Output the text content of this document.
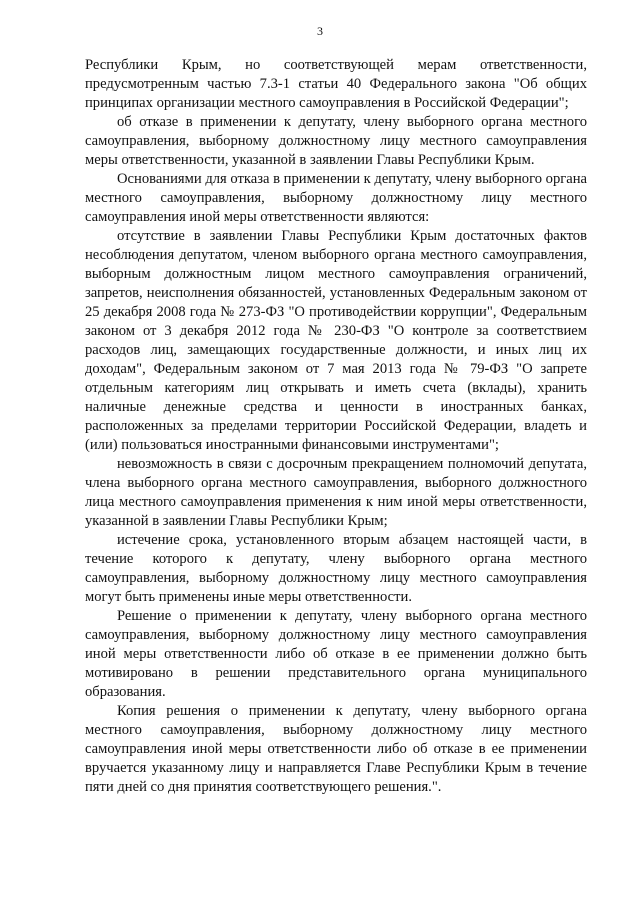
3

Республики Крым, но соответствующей мерам ответственности, предусмотренным частью 7.3-1 статьи 40 Федерального закона "Об общих принципах организации местного самоуправления в Российской Федерации";

об отказе в применении к депутату, члену выборного органа местного самоуправления, выборному должностному лицу местного самоуправления меры ответственности, указанной в заявлении Главы Республики Крым.

Основаниями для отказа в применении к депутату, члену выборного органа местного самоуправления, выборному должностному лицу местного самоуправления иной меры ответственности являются:

отсутствие в заявлении Главы Республики Крым достаточных фактов несоблюдения депутатом, членом выборного органа местного самоуправления, выборным должностным лицом местного самоуправления ограничений, запретов, неисполнения обязанностей, установленных Федеральным законом от 25 декабря 2008 года № 273-ФЗ "О противодействии коррупции", Федеральным законом от 3 декабря 2012 года № 230-ФЗ "О контроле за соответствием расходов лиц, замещающих государственные должности, и иных лиц их доходам", Федеральным законом от 7 мая 2013 года № 79-ФЗ "О запрете отдельным категориям лиц открывать и иметь счета (вклады), хранить наличные денежные средства и ценности в иностранных банках, расположенных за пределами территории Российской Федерации, владеть и (или) пользоваться иностранными финансовыми инструментами";

невозможность в связи с досрочным прекращением полномочий депутата, члена выборного органа местного самоуправления, выборного должностного лица местного самоуправления применения к ним иной меры ответственности, указанной в заявлении Главы Республики Крым;

истечение срока, установленного вторым абзацем настоящей части, в течение которого к депутату, члену выборного органа местного самоуправления, выборному должностному лицу местного самоуправления могут быть применены иные меры ответственности.

Решение о применении к депутату, члену выборного органа местного самоуправления, выборному должностному лицу местного самоуправления иной меры ответственности либо об отказе в ее применении должно быть мотивировано в решении представительного органа муниципального образования.

Копия решения о применении к депутату, члену выборного органа местного самоуправления, выборному должностному лицу местного самоуправления иной меры ответственности либо об отказе в ее применении вручается указанному лицу и направляется Главе Республики Крым в течение пяти дней со дня принятия соответствующего решения.".
